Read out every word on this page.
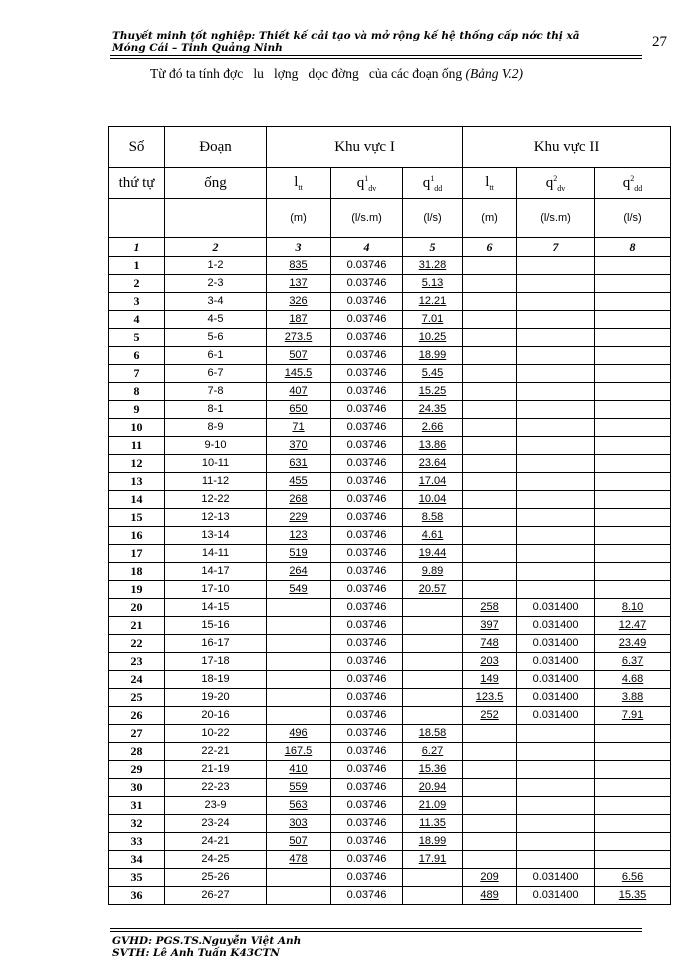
Thuyết minh tốt nghiệp: Thiết kế cải tạo và mở rộng kế hệ thống cấp nớc thị xã
Móng Cái – Tỉnh Quảng Ninh	27
Từ đó ta tính đợc   lu   lợng   dọc đờng   của các đoạn ống (Bảng V.2)
Số	Đoạn	Khu vực I			Khu vực II		
thứ tự	ống	$l_{tt}$	$q^1_{dv}$	$q^1_{dd}$	$l_{tt}$	$q^2_{dv}$	$q^2_{dd}$
		(m)	(l/s.m)	(l/s)	(m)	(l/s.m)	(l/s)
1	2	3	4	5	6	7	8
1	1-2	835	0.03746	31.28			
2	2-3	137	0.03746	5.13			
3	3-4	326	0.03746	12.21			
4	4-5	187	0.03746	7.01			
5	5-6	273.5	0.03746	10.25			
6	6-1	507	0.03746	18.99			
7	6-7	145.5	0.03746	5.45			
8	7-8	407	0.03746	15.25			
9	8-1	650	0.03746	24.35			
10	8-9	71	0.03746	2.66			
11	9-10	370	0.03746	13.86			
12	10-11	631	0.03746	23.64			
13	11-12	455	0.03746	17.04			
14	12-22	268	0.03746	10.04			
15	12-13	229	0.03746	8.58			
16	13-14	123	0.03746	4.61			
17	14-11	519	0.03746	19.44			
18	14-17	264	0.03746	9.89			
19	17-10	549	0.03746	20.57			
20	14-15		0.03746		258	0.031400	8.10
21	15-16		0.03746		397	0.031400	12.47
22	16-17		0.03746		748	0.031400	23.49
23	17-18		0.03746		203	0.031400	6.37
24	18-19		0.03746		149	0.031400	4.68
25	19-20		0.03746		123.5	0.031400	3.88
26	20-16		0.03746		252	0.031400	7.91
27	10-22	496	0.03746	18.58			
28	22-21	167.5	0.03746	6.27			
29	21-19	410	0.03746	15.36			
30	22-23	559	0.03746	20.94			
31	23-9	563	0.03746	21.09			
32	23-24	303	0.03746	11.35			
33	24-21	507	0.03746	18.99			
34	24-25	478	0.03746	17.91			
35	25-26		0.03746		209	0.031400	6.56
36	26-27		0.03746		489	0.031400	15.35
GVHD: PGS.TS.Nguyễn Việt Anh
SVTH: Lê Anh Tuấn K43CTN
